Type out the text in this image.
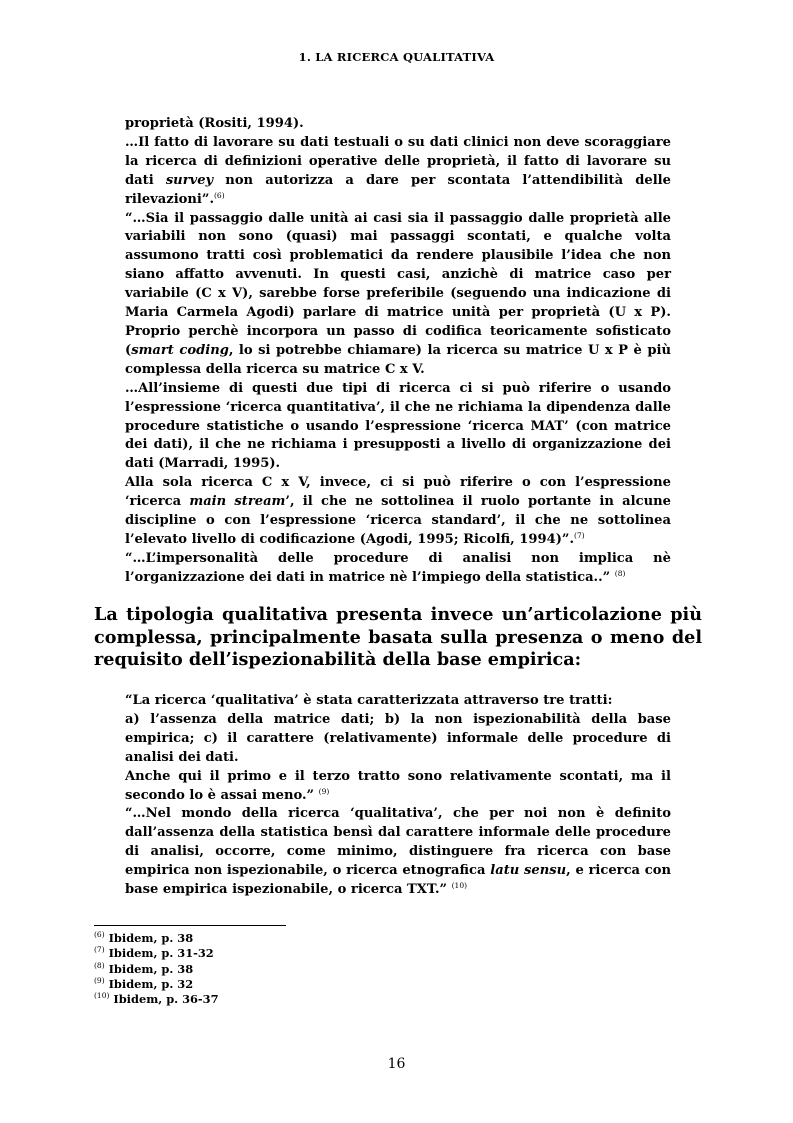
1. LA RICERCA QUALITATIVA

proprietà (Rositi, 1994).

…Il fatto di lavorare su dati testuali o su dati clinici non deve scoraggiare la ricerca di definizioni operative delle proprietà, il fatto di lavorare su dati survey non autorizza a dare per scontata l’attendibilità delle rilevazioni”.$^{(6)}$

“…Sia il passaggio dalle unità ai casi sia il passaggio dalle proprietà alle variabili non sono (quasi) mai passaggi scontati, e qualche volta assumono tratti così problematici da rendere plausibile l’idea che non siano affatto avvenuti. In questi casi, anzichè di matrice caso per variabile (C x V), sarebbe forse preferibile (seguendo una indicazione di Maria Carmela Agodi) parlare di matrice unità per proprietà (U x P). Proprio perchè incorpora un passo di codifica teoricamente sofisticato (smart coding, lo si potrebbe chiamare) la ricerca su matrice U x P è più complessa della ricerca su matrice C x V.

…All’insieme di questi due tipi di ricerca ci si può riferire o usando l’espressione ‘ricerca quantitativa’, il che ne richiama la dipendenza dalle procedure statistiche o usando l’espressione ‘ricerca MAT’ (con matrice dei dati), il che ne richiama i presupposti a livello di organizzazione dei dati (Marradi, 1995).

Alla sola ricerca C x V, invece, ci si può riferire o con l’espressione ‘ricerca main stream’, il che ne sottolinea il ruolo portante in alcune discipline o con l’espressione ‘ricerca standard’, il che ne sottolinea l’elevato livello di codificazione (Agodi, 1995; Ricolfi, 1994)”.$^{(7)}$

“…L’impersonalità delle procedure di analisi non implica nè l’organizzazione dei dati in matrice nè l’impiego della statistica..” $^{(8)}$

La tipologia qualitativa presenta invece un’articolazione più complessa, principalmente basata sulla presenza o meno del requisito dell’ispezionabilità della base empirica:

“La ricerca ‘qualitativa’ è stata caratterizzata attraverso tre tratti:

a) l’assenza della matrice dati; b) la non ispezionabilità della base empirica; c) il carattere (relativamente) informale delle procedure di analisi dei dati.

Anche qui il primo e il terzo tratto sono relativamente scontati, ma il secondo lo è assai meno.” $^{(9)}$

“…Nel mondo della ricerca ‘qualitativa’, che per noi non è definito dall’assenza della statistica bensì dal carattere informale delle procedure di analisi, occorre, come minimo, distinguere fra ricerca con base empirica non ispezionabile, o ricerca etnografica latu sensu, e ricerca con base empirica ispezionabile, o ricerca TXT.” $^{(10)}$

$^{(6)}$ Ibidem, p. 38
$^{(7)}$ Ibidem, p. 31-32
$^{(8)}$ Ibidem, p. 38
$^{(9)}$ Ibidem, p. 32
$^{(10)}$ Ibidem, p. 36-37
16
